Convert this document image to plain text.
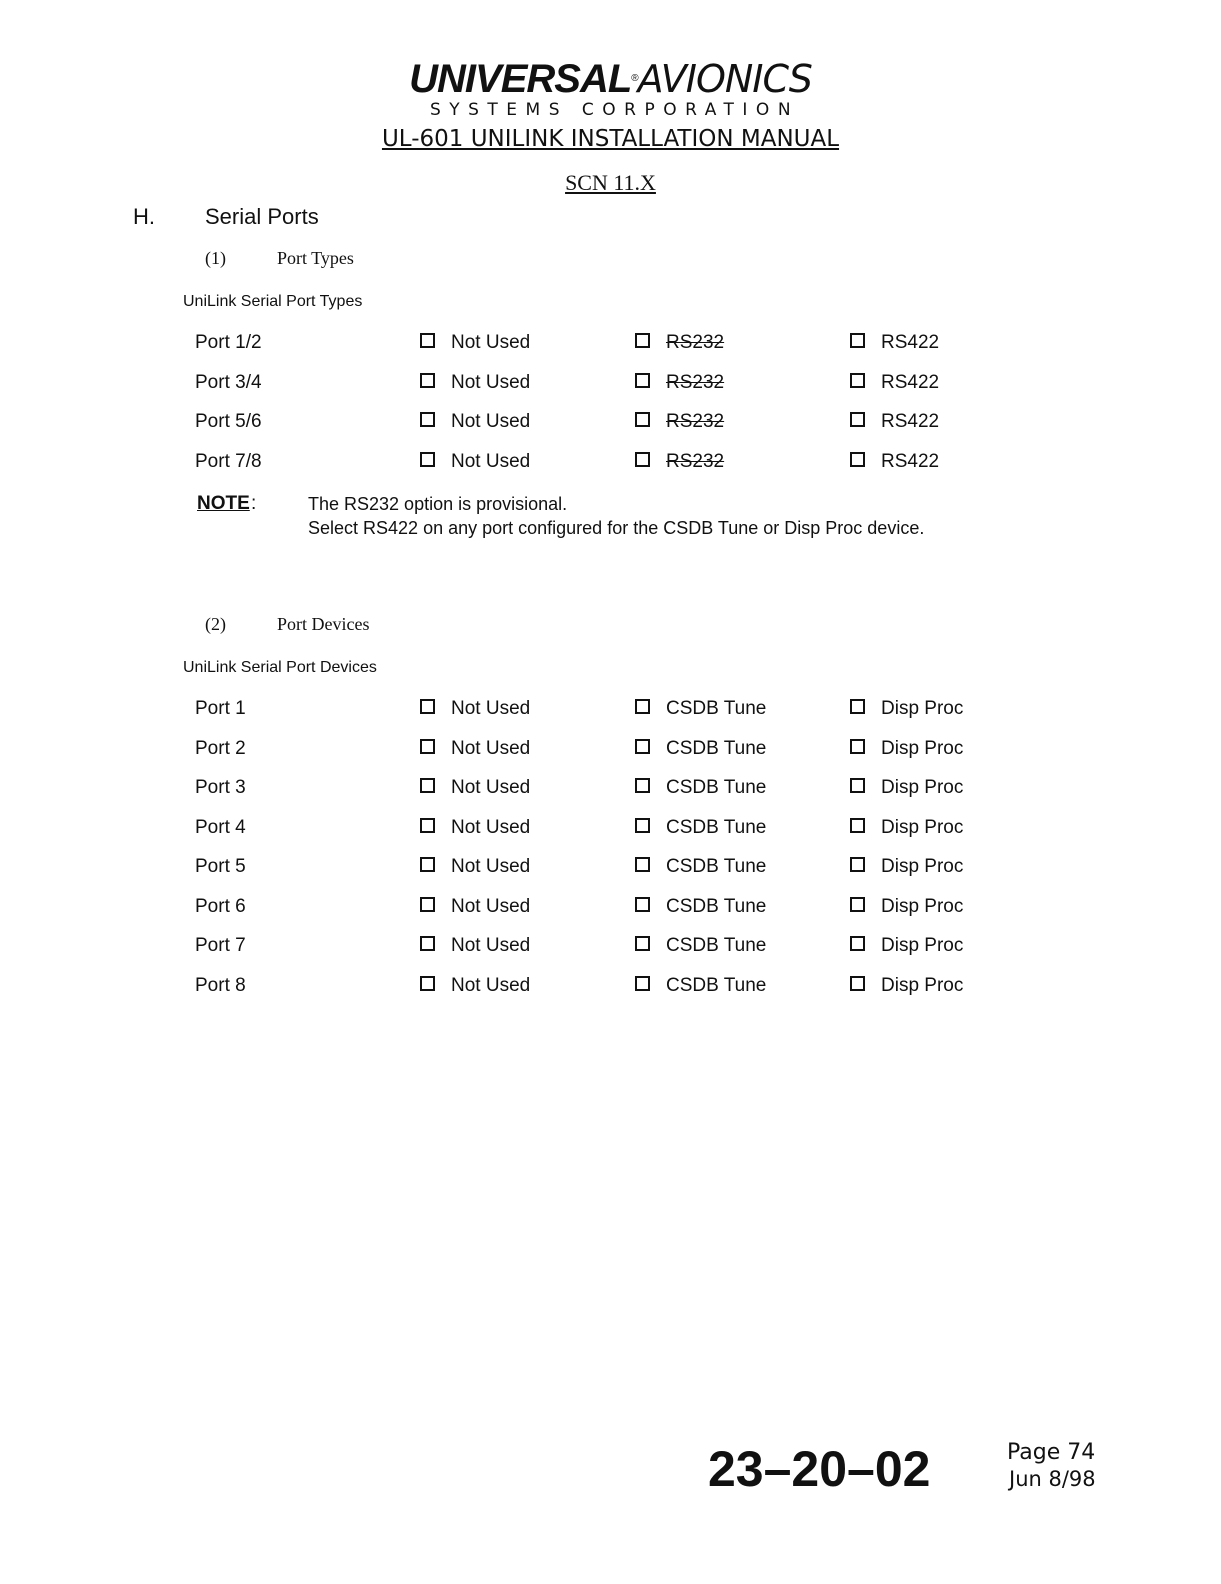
UNIVERSAL®AVIONICS
SYSTEMS CORPORATION
UL-601 UNILINK INSTALLATION MANUAL
SCN 11.X
H. Serial Ports
(1)	Port Types
UniLink Serial Port Types
Port 1/2	Not Used	RS232	RS422
Port 3/4	Not Used	RS232	RS422
Port 5/6	Not Used	RS232	RS422
Port 7/8	Not Used	RS232	RS422
NOTE :	The RS232 option is provisional.
Select RS422 on any port configured for the CSDB Tune or Disp Proc device.
(2)	Port Devices
UniLink Serial Port Devices
Port 1	Not Used	CSDB Tune	Disp Proc
Port 2	Not Used	CSDB Tune	Disp Proc
Port 3	Not Used	CSDB Tune	Disp Proc
Port 4	Not Used	CSDB Tune	Disp Proc
Port 5	Not Used	CSDB Tune	Disp Proc
Port 6	Not Used	CSDB Tune	Disp Proc
Port 7	Not Used	CSDB Tune	Disp Proc
Port 8	Not Used	CSDB Tune	Disp Proc
23–20–02	Page 74
Jun 8/98
